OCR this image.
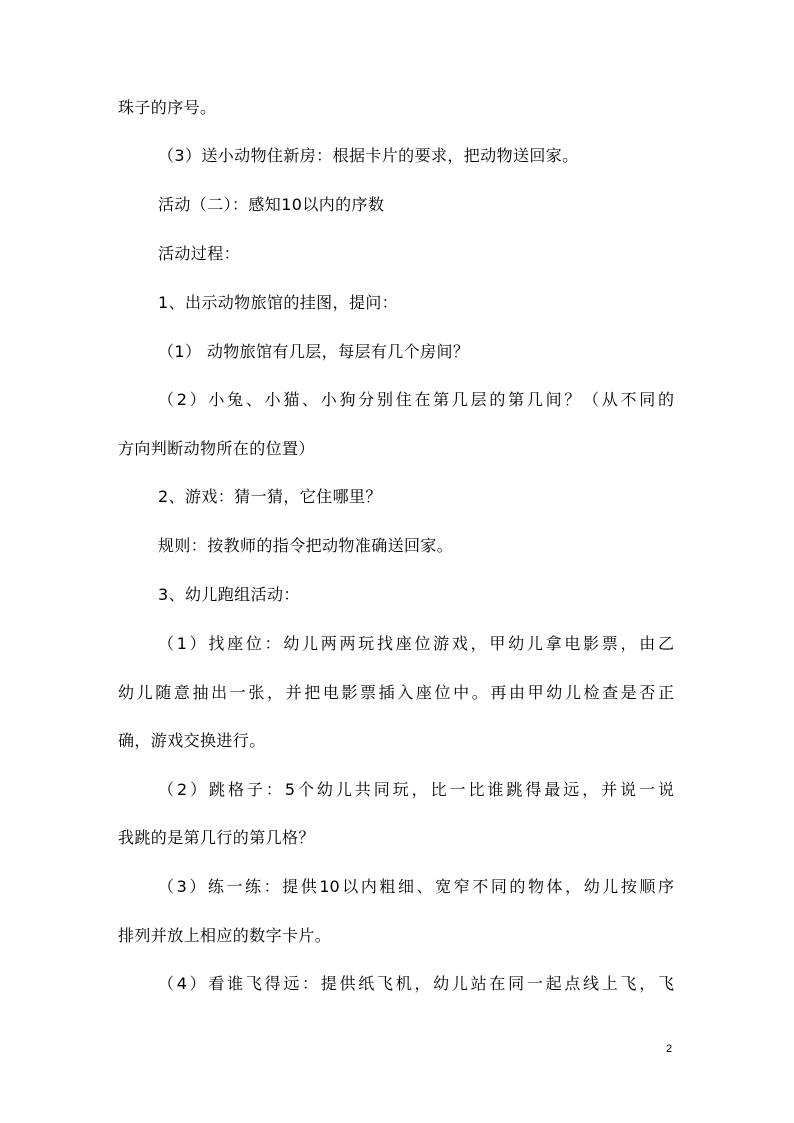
珠子的序号。
（3）送小动物住新房：根据卡片的要求，把动物送回家。
活动（二）：感知10以内的序数
活动过程：
1、出示动物旅馆的挂图，提问：
（1） 动物旅馆有几层，每层有几个房间？
（2）小兔、小猫、小狗分别住在第几层的第几间？（从不同的
方向判断动物所在的位置）
2、游戏：猜一猜，它住哪里？
规则：按教师的指令把动物准确送回家。
3、幼儿跑组活动：
（1）找座位：幼儿两两玩找座位游戏，甲幼儿拿电影票，由乙
幼儿随意抽出一张，并把电影票插入座位中。再由甲幼儿检查是否正
确，游戏交换进行。
（2）跳格子：5个幼儿共同玩，比一比谁跳得最远，并说一说
我跳的是第几行的第几格？
（3）练一练：提供10以内粗细、宽窄不同的物体，幼儿按顺序
排列并放上相应的数字卡片。
（4）看谁飞得远：提供纸飞机，幼儿站在同一起点线上飞，飞
2
